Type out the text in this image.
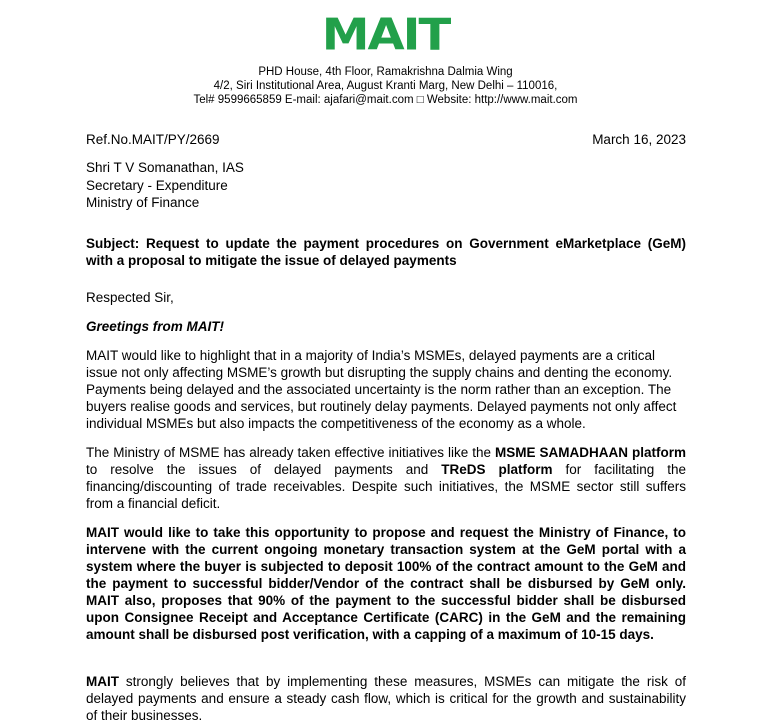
MAIT
PHD House, 4th Floor, Ramakrishna Dalmia Wing
4/2, Siri Institutional Area, August Kranti Marg, New Delhi – 110016,
Tel# 9599665859 E-mail: ajafari@mait.com □ Website: http://www.mait.com
Ref.No.MAIT/PY/2669	March 16, 2023
Shri T V Somanathan, IAS
Secretary - Expenditure
Ministry of Finance
Subject: Request to update the payment procedures on Government eMarketplace (GeM) with a proposal to mitigate the issue of delayed payments
Respected Sir,
Greetings from MAIT!
MAIT would like to highlight that in a majority of India’s MSMEs, delayed payments are a critical issue not only affecting MSME’s growth but disrupting the supply chains and denting the economy. Payments being delayed and the associated uncertainty is the norm rather than an exception. The buyers realise goods and services, but routinely delay payments. Delayed payments not only affect individual MSMEs but also impacts the competitiveness of the economy as a whole.
The Ministry of MSME has already taken effective initiatives like the MSME SAMADHAAN platform to resolve the issues of delayed payments and TReDS platform for facilitating the financing/discounting of trade receivables. Despite such initiatives, the MSME sector still suffers from a financial deficit.
MAIT would like to take this opportunity to propose and request the Ministry of Finance, to intervene with the current ongoing monetary transaction system at the GeM portal with a system where the buyer is subjected to deposit 100% of the contract amount to the GeM and the payment to successful bidder/Vendor of the contract shall be disbursed by GeM only. MAIT also, proposes that 90% of the payment to the successful bidder shall be disbursed upon Consignee Receipt and Acceptance Certificate (CARC) in the GeM and the remaining amount shall be disbursed post verification, with a capping of a maximum of 10-15 days.
MAIT strongly believes that by implementing these measures, MSMEs can mitigate the risk of delayed payments and ensure a steady cash flow, which is critical for the growth and sustainability of their businesses.
